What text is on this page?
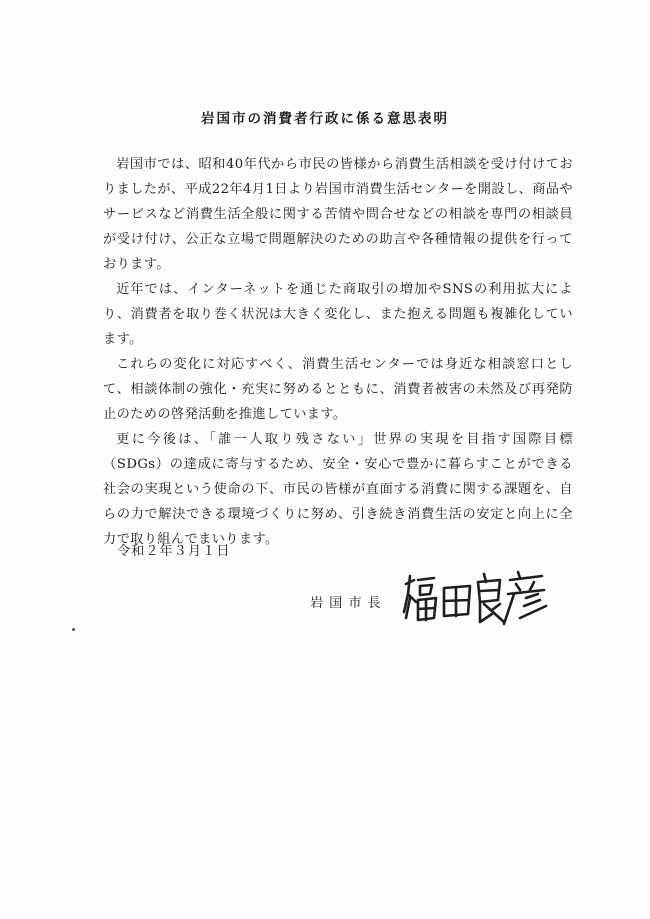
岩国市の消費者行政に係る意思表明

岩国市では、昭和40年代から市民の皆様から消費生活相談を受け付けておりましたが、平成22年4月1日より岩国市消費生活センターを開設し、商品やサービスなど消費生活全般に関する苦情や問合せなどの相談を専門の相談員が受け付け、公正な立場で問題解決のための助言や各種情報の提供を行っております。

近年では、インターネットを通じた商取引の増加やSNSの利用拡大により、消費者を取り巻く状況は大きく変化し、また抱える問題も複雑化しています。

これらの変化に対応すべく、消費生活センターでは身近な相談窓口として、相談体制の強化・充実に努めるとともに、消費者被害の未然及び再発防止のための啓発活動を推進しています。

更に今後は、「誰一人取り残さない」世界の実現を目指す国際目標（SDGs）の達成に寄与するため、安全・安心で豊かに暮らすことができる社会の実現という使命の下、市民の皆様が直面する消費に関する課題を、自らの力で解決できる環境づくりに努め、引き続き消費生活の安定と向上に全力で取り組んでまいります。

令和２年３月１日
岩国市長
